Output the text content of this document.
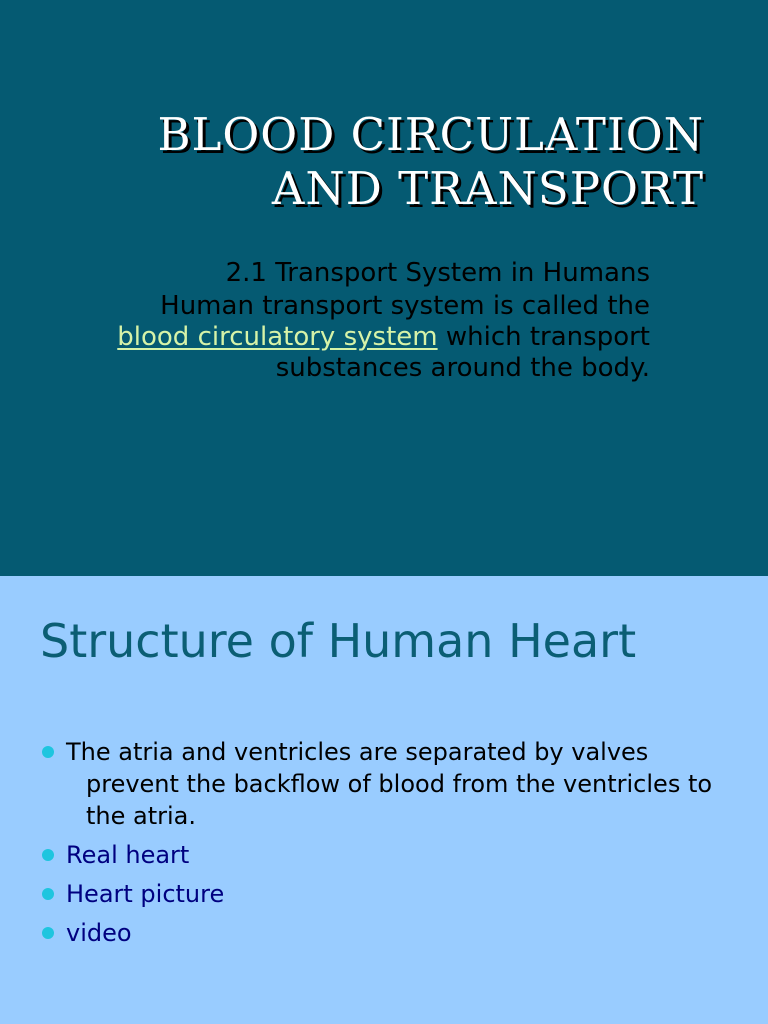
BLOOD CIRCULATION
AND TRANSPORT
2.1 Transport System in Humans
Human transport system is called the blood circulatory system which transport substances around the body.
Structure of Human Heart
The atria and ventricles are separated by valves prevent the backflow of blood from the ventricles to the atria.
Real heart
Heart picture
video
